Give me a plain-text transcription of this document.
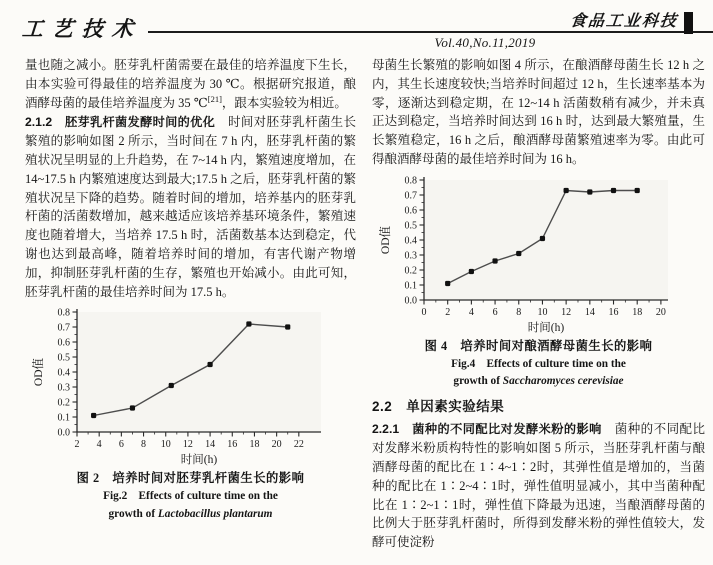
工艺技术	食品工业科技
Vol.40,No.11,2019

量也随之减小。胚芽乳杆菌需要在最佳的培养温度下生长，由本实验可得最佳的培养温度为 30 ℃。根据研究报道，酿酒酵母菌的最佳培养温度为 35 ℃[21]，跟本实验较为相近。

2.1.2　胚芽乳杆菌发酵时间的优化　时间对胚芽乳杆菌生长繁殖的影响如图 2 所示，当时间在 7 h 内，胚芽乳杆菌的繁殖状况呈明显的上升趋势，在 7~14 h 内，繁殖速度增加，在 14~17.5 h 内繁殖速度达到最大;17.5 h 之后，胚芽乳杆菌的繁殖状况呈下降的趋势。随着时间的增加，培养基内的胚芽乳杆菌的活菌数增加，越来越适应该培养基环境条件，繁殖速度也随着增大，当培养 17.5 h 时，活菌数基本达到稳定，代谢也达到最高峰，随着培养时间的增加，有害代谢产物增加，抑制胚芽乳杆菌的生存，繁殖也开始减小。由此可知，胚芽乳杆菌的最佳培养时间为 17.5 h。

2 4 6 8 10 12 14 16 18 20 22
0.0
0.1
0.2
0.3
0.4
0.5
0.6
0.7
0.8
时间(h)
OD值
图 2　培养时间对胚芽乳杆菌生长的影响
Fig.2　Effects of culture time on the
growth of Lactobacillus plantarum

母菌生长繁殖的影响如图 4 所示，在酿酒酵母菌生长 12 h 之内，其生长速度较快;当培养时间超过 12 h，生长速率基本为零，逐渐达到稳定期，在 12~14 h 活菌数稍有减少，并未真正达到稳定，当培养时间达到 16 h 时，达到最大繁殖量，生长繁殖稳定，16 h 之后，酿酒酵母菌繁殖速率为零。由此可得酿酒酵母菌的最佳培养时间为 16 h。

0 2 4 6 8 10 12 14 16 18 20
0.0
0.1
0.2
0.3
0.4
0.5
0.6
0.7
0.8
时间(h)
OD值
图 4　培养时间对酿酒酵母菌生长的影响
Fig.4　Effects of culture time on the
growth of Saccharomyces cerevisiae
2.2　单因素实验结果

2.2.1　菌种的不同配比对发酵米粉的影响　菌种的不同配比对发酵米粉质构特性的影响如图 5 所示，当胚芽乳杆菌与酿酒酵母菌的配比在 1∶4~1∶2时，其弹性值是增加的，当菌种的配比在 1∶2~4∶1时，弹性值明显减小，其中当菌种配比在 1∶2~1∶1时，弹性值下降最为迅速，当酿酒酵母菌的比例大于胚芽乳杆菌时，所得到发酵米粉的弹性值较大，发酵可使淀粉
